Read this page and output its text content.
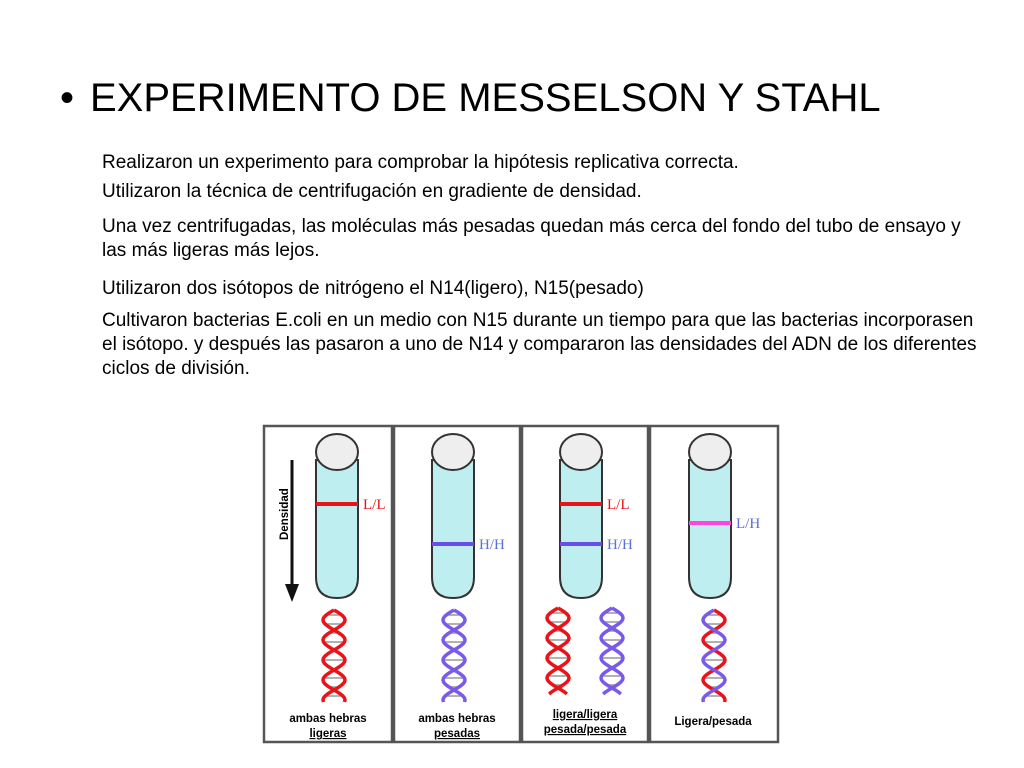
• EXPERIMENTO DE MESSELSON Y STAHL

Realizaron un experimento para comprobar la hipótesis replicativa correcta.

Utilizaron la técnica de centrifugación en gradiente de densidad.

Una vez centrifugadas, las moléculas más pesadas quedan más cerca del fondo del tubo de ensayo y las más ligeras más lejos.

Utilizaron dos isótopos de nitrógeno el N14(ligero), N15(pesado)

Cultivaron bacterias E.coli en un medio con N15 durante un tiempo para que las bacterias incorporasen el isótopo. y después las pasaron a uno de N14 y compararon las densidades del ADN de los diferentes ciclos de división.

Densidad	L/L
H/H
L/L
H/H
L/H
ambas hebras
ligeras
ambas hebras
pesadas
ligera/ligera
pesada/pesada
Ligera/pesada
